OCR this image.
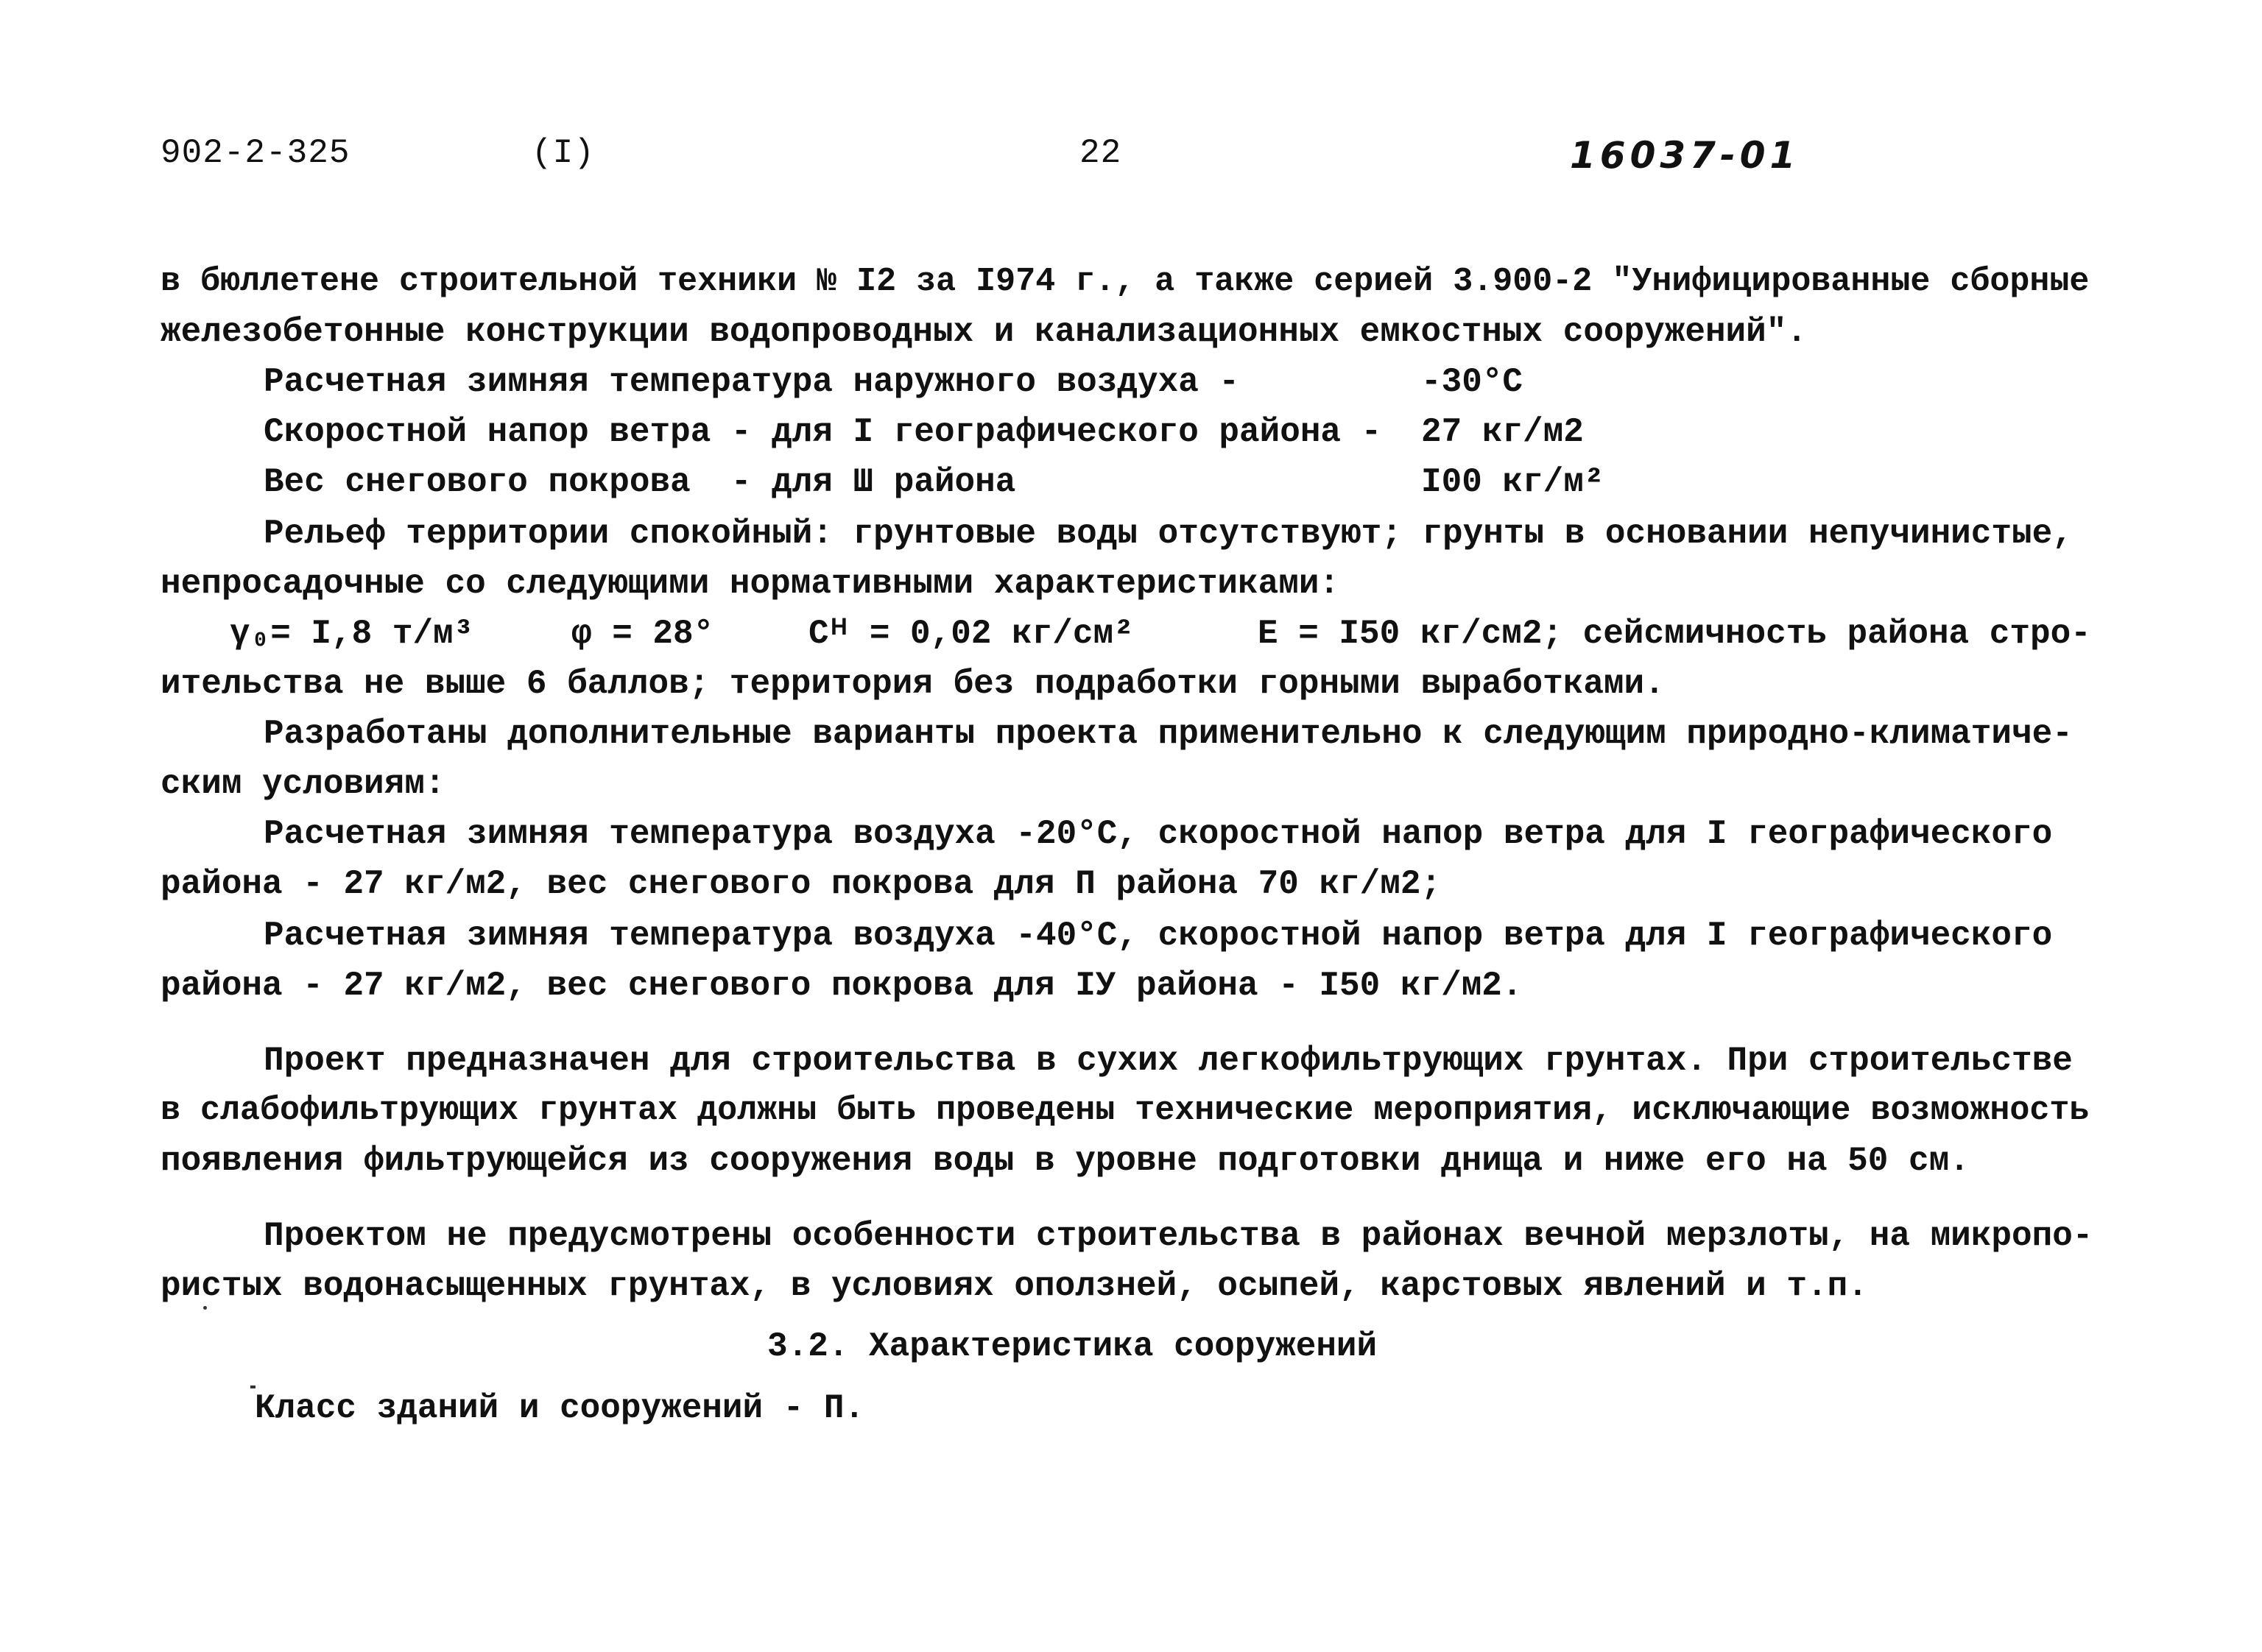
902-2-325	(I)	22	16037-01
в бюллетене строительной техники № I2 за I974 г., а также серией 3.900-2 "Унифицированные сборные
железобетонные конструкции водопроводных и канализационных емкостных сооружений".
Расчетная зимняя температура наружного воздуха -	-30°C
Скоростной напор ветра - для I географического района - 27 кг/м2
Вес снегового покрова  - для Ш района	I00 кг/м²
Рельеф территории спокойный: грунтовые воды отсутствуют; грунты в основании непучинистые,
непросадочные со следующими нормативными характеристиками:
γ₀= I,8 т/м³	φ = 28°	Cᴴ = 0,02 кг/см²	E = I50 кг/см2; сейсмичность района стро-
ительства не выше 6 баллов; территория без подработки горными выработками.
Разработаны дополнительные варианты проекта применительно к следующим природно-климатиче-
ским условиям:
Расчетная зимняя температура воздуха -20°C, скоростной напор ветра для I географического
района - 27 кг/м2, вес снегового покрова для П района 70 кг/м2;
Расчетная зимняя температура воздуха -40°C, скоростной напор ветра для I географического
района - 27 кг/м2, вес снегового покрова для IУ района - I50 кг/м2.
Проект предназначен для строительства в сухих легкофильтрующих грунтах. При строительстве
в слабофильтрующих грунтах должны быть проведены технические мероприятия, исключающие возможность
появления фильтрующейся из сооружения воды в уровне подготовки днища и ниже его на 50 см.
Проектом не предусмотрены особенности строительства в районах вечной мерзлоты, на микропо-
ристых водонасыщенных грунтах, в условиях оползней, осыпей, карстовых явлений и т.п.
3.2. Характеристика сооружений
Класс зданий и сооружений - П.
